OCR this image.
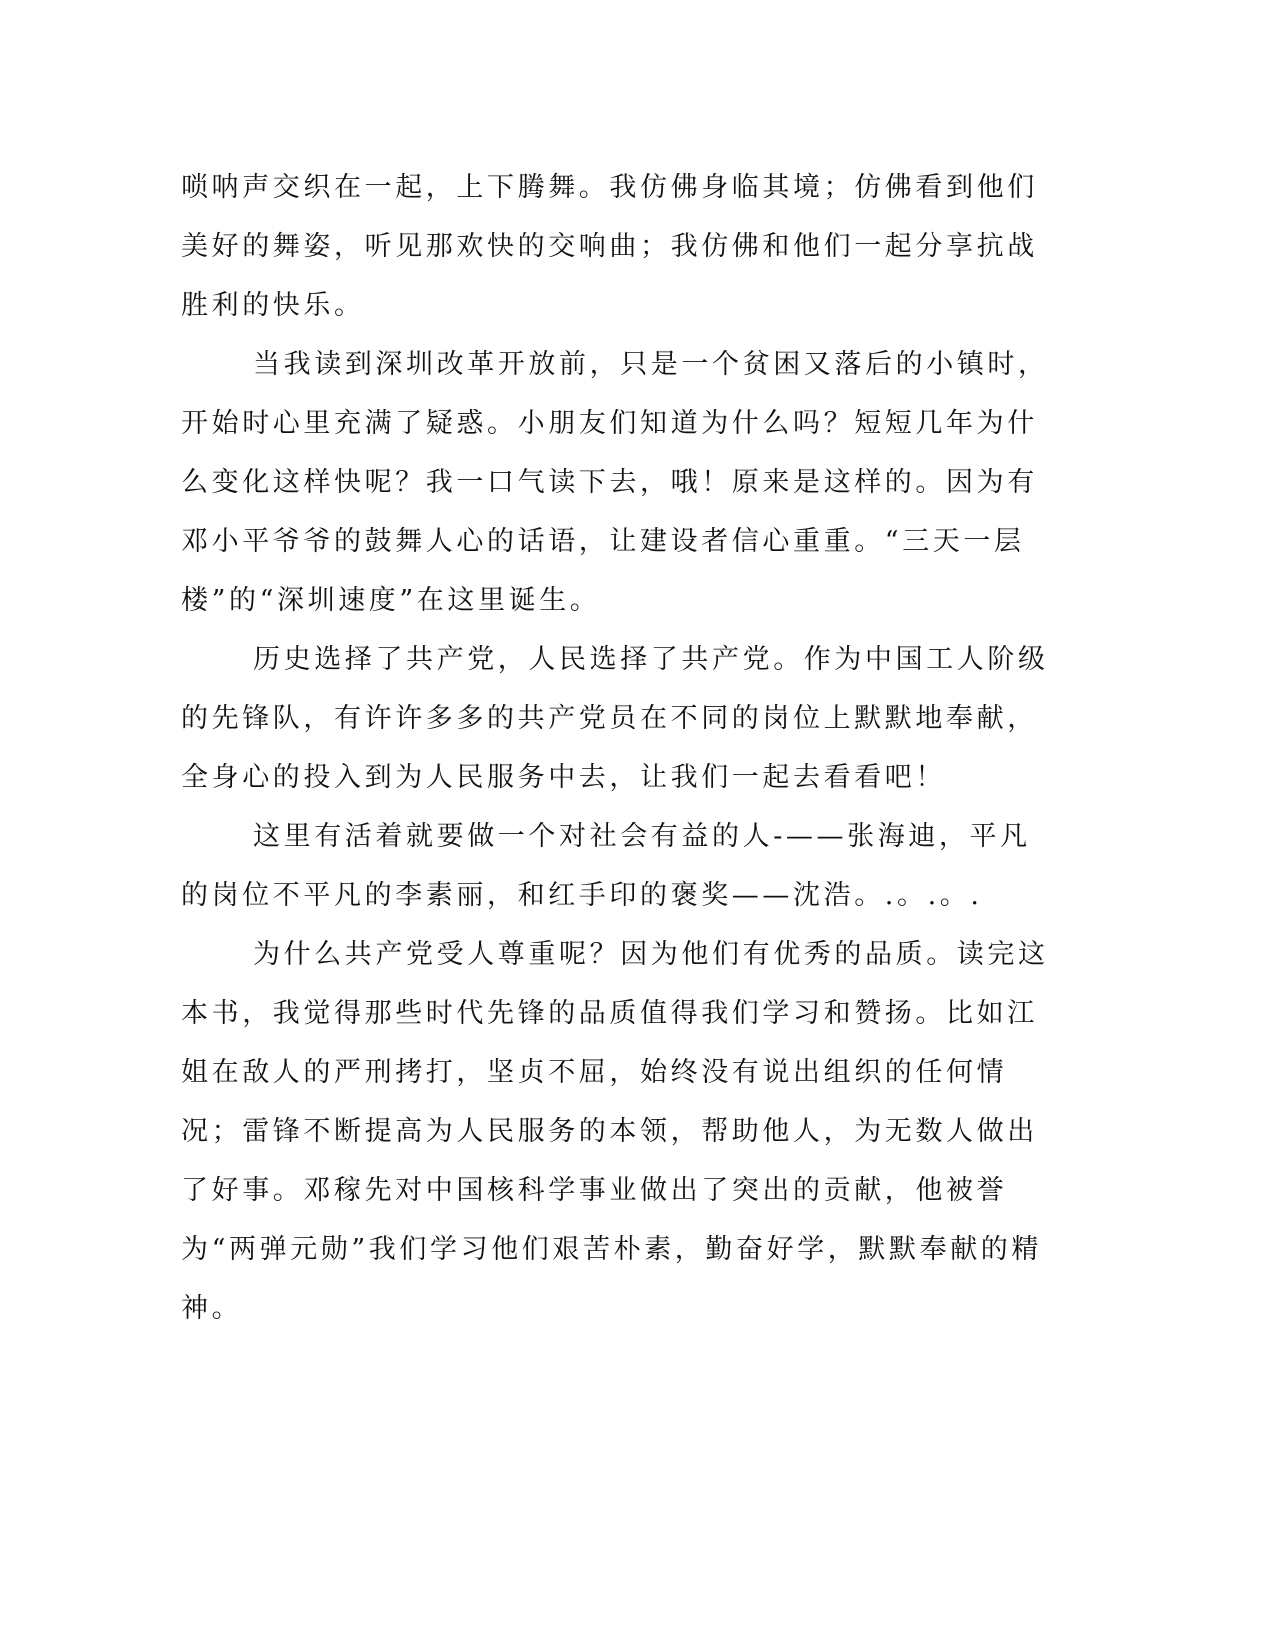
唢呐声交织在一起，上下腾舞。我仿佛身临其境；仿佛看到他们美好的舞姿，听见那欢快的交响曲；我仿佛和他们一起分享抗战胜利的快乐。

当我读到深圳改革开放前，只是一个贫困又落后的小镇时，开始时心里充满了疑惑。小朋友们知道为什么吗？短短几年为什么变化这样快呢？我一口气读下去，哦！原来是这样的。因为有邓小平爷爷的鼓舞人心的话语，让建设者信心重重。“三天一层楼”的“深圳速度”在这里诞生。

历史选择了共产党，人民选择了共产党。作为中国工人阶级的先锋队，有许许多多的共产党员在不同的岗位上默默地奉献，全身心的投入到为人民服务中去，让我们一起去看看吧！

这里有活着就要做一个对社会有益的人-——张海迪，平凡的岗位不平凡的李素丽，和红手印的褒奖——沈浩。.。.。.

为什么共产党受人尊重呢？因为他们有优秀的品质。读完这本书，我觉得那些时代先锋的品质值得我们学习和赞扬。比如江姐在敌人的严刑拷打，坚贞不屈，始终没有说出组织的任何情况；雷锋不断提高为人民服务的本领，帮助他人，为无数人做出了好事。邓稼先对中国核科学事业做出了突出的贡献，他被誉为“两弹元勋”我们学习他们艰苦朴素，勤奋好学，默默奉献的精神。
